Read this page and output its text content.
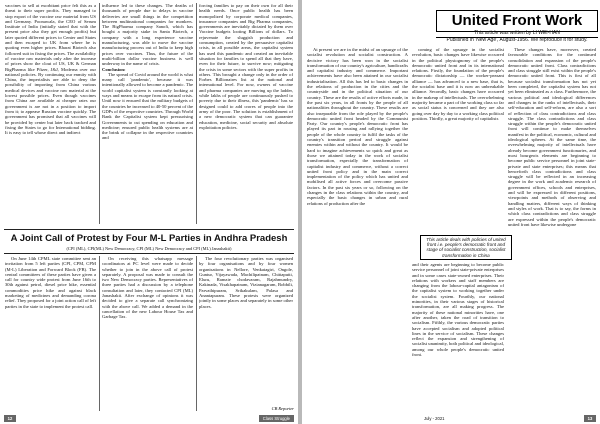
vaccines to sell at exorbitant price felt this as a threat to their super profits. They managed to stop export of the vaccine raw material from US and Germany. Poonawala, the CEO of Serum Institute of India (initially stated that with the present price also they get enough profits) but later quoted different prices to Center and States and then escaped to UK from where he is quoting even higher prices. Bharat Biotech also followed suit in fixing the prices. The availability of vaccine raw materials only after the increase of prices show the clout of US, UK & German BigPharma like Pfizer, J&J, Moderna over our national policies. By continuing our enmity with China, the imperialists are able to deny the possibility of importing from China various medical devices and vaccine raw material at the lowest possible prices. Even though vaccines from China are available at cheaper rates our government is are not in a position to import from it; to appease Russian vaccine quickly. The government has promised that all vaccines will be provided by center but later back tracked and fixing the States to go for International bidding. It is easy to tell whose direct and indirect

influence led to these changes. The deaths of thousands of people due to delays in vaccine deliveries are small things in the competition between multinational companies for monkers. The BigPharma company Sanofi, which has bought a majority stake in Santa Biotech, a company with a long experience vaccine manufacturing, was able to move the vaccine manufacturing process out of India to keep high prices over vaccines. Thus, the future of the multi-billion dollar vaccine business is well underway in the name of crisis.

Conclusion:

The spread of Covid around the world is what many call 'pandemic', because it was intentionally allowed to become a pandemic. The world capitalist system is constantly looking at ways and means to escape from its natural crisis. Until now it ensured that the military budgets of the countries be increased to 40-50 percent of the GDPs of the respective countries. Through World Bank the Capitalist system kept pressurising Governments to cut spending on education and medicine; ensured public health systems are at the brink of collapse in the respective countries and

forcing families to pay on their own for all their health needs. Once public health has been monopolized by corporate medical companies, insurance companies and Big Pharma companies, governments are inevitably dictated by them over Vaccine budgets looting Billions of dollars. To rejuvenate the sluggish production and consumption, created by the persuasive capitalist crisis, in all possible areas, the capitalist system has used this pandemic and created an inevitable situation for families to spend all that they have, even for their future, to survive now; mitigating the crisis in some sectors with the super profits in others. This brought a change only in the order of Forbes Billionaires list at the national and international level. For now, owners of vaccine and pharma companies are moving up the ladder, while lakhs of people are continuously pushed to poverty due to their illness, this 'pandemic' has so designed could to add crores of people into the army of the poor. The solution is establishment of a new democratic system that can guarantee education, medicine, social security and absolute exploitation policies.

A Joint Call of Protest by Four M-L Parties in Andhra Pradesh
(CPI (ML), CPI(ML) New Democracy, CPI (ML) New Democracy and CPI (ML) Janashakti)

On June 14th CPML state committee sent an invitation from 5 left parties (CPI, CPM, CPM (M-L) Liberation and Forward Block (FB). The central committees of these parties have given a call for country wide protest from June 16th to 30th against petrol, diesel price hike, essential commodities price hike and against black marketing of medicines and demanding corona relief. They proposed for a joint action call of left parties in the state to implement the protest call.

On receiving this whatsapp message coordinators at PC level were made to decide whether to join in the above call of protest separately. A proposal was made to consult the two New Democracy parties. Representatives of three parties had a discussion by a telephone consultation and later, they contacted CPI (ML) Janashakti. After exchange of opinions it was decided to give a separate call synchronizing with the above call. We added a demand in the cancellation of the new Labour House Tax and Garbage Tax.

The four revolutionary parties was organised by four organisations and by four women organisations in Nellore, Venkatagiri, Ongole, Guntur, Vijayawada, Machilipatnam, Chittaputti, Eluru, Ramzie chodavaram, Rajahmundry, Kakinada, Visakhapatnam, Vizianagaram, Bobbili, Parvathipuram, Srikakulam, Palasa and Anantapuram. These protests were organized jointly in some places and separately in some other places.

CB Reporter
12	Class Struggle
United Front Work
This article was written by LI WEI-HAN
Published in 'New Age', August-1956. We reproduce it for study.

At present we are in the midst of an upsurge of the socialist revolution and socialist construction. A decisive victory has been won in the socialist transformation of our country's agriculture, handicrafts and capitalist industry and commerce. Important achievements have also been attained in our socialist industrialisation. All this has led to basic changes in the relations of production in the cities and the countryside and in the political situation of our country. These are the results of active efforts made, in the past six years, in all fronts by the people of all nationalities throughout the country. These results are also inseparable from the role played by the people's democratic united front headed by the Communist Party. Our country's people's democratic front has played its part in rousing and rallying together the people of the whole country to fulfil the tasks of the country's transition period and struggle against enemies within and without the country. It would be hard to imagine achievements so quick and great as those we attained today in the work of socialist transformation, especially the transformation of capitalist industry and commerce, without a correct united front policy and in the main correct implementation of the policy which has united and mobilised all active forces and overcome passive factors. In the past six years or so, following on the changes in the class relations within the country, and especially the basic changes in urban and rural relations of production after the

coming of the upsurge in the socialist revolution, basic changes have likewise occurred in the political physiognomy of the people's democratic united front and in its international relations. Firstly, the foundation of the people's democratic dictatorship — the worker-peasant alliance — has advanced to a new base, that is, the socialist base and it is now an unbreakable alliance. Secondly, basic changes have occurred in the makeup of intellectuals. The overwhelming majority became a part of the working class so far as social status is concerned and they are also going over day by day to a working class political position. Thirdly, a great majority of capitalists

This article deals with policies of united front i.e. people's democratic front and stage of socialist construction, socialist transformation in China

and their agents are beginning to become public service personnel of joint state-private enterprises and in some cases state-owned enterprises. Their relations with workers and staff members are changing from the labour-capital antagonism of the capitalist system to working together under the socialist system. Fourthly, our national minorities, in their various stages of historical transformation, are all making progress. The majority of these national minorities have, one after another, taken the road of transition to socialism. Fifthly, the various democratic parties have accepted socialism and adopted political lines in the service of socialism. These changes reflect the expansion and strengthening of socialist unanimity, both political and ideological, among our whole people's democratic united front.

These changes have, moreover, created favourable conditions for the continued consolidation and expansion of the people's democratic united front. Class contradictions and class struggle still exist within the people's democratic united front. This is first of all because socialist transformation has not yet been completed, the capitalist system has not yet been eliminated as a class. Furthermore, the various political and ideological differences and changes in the ranks of intellectuals, their self-education and self-reform, are also a sort of reflection of class contradictions and class struggle. The class contradictions and class struggle within the people's democratic united front will continue to make themselves manifest in the political, economic, cultural and ideological spheres. At the same time, the overwhelming majority of intellectuals have already become government functionaries, and most bourgeois elements are beginning to become public service personnel in joint state-private and state enterprises; this means that henceforth class contradictions and class struggle will be reflected in an increasing degree in the work and academic research of government offices, schools and enterprises, and will be expressed in different positions, viewpoints and methods of observing and handling matters, different ways of thinking and styles of work. That is to say, the forms in which class contradictions and class struggle are expressed within the people's democratic united front have likewise undergone

July - 2021	13
